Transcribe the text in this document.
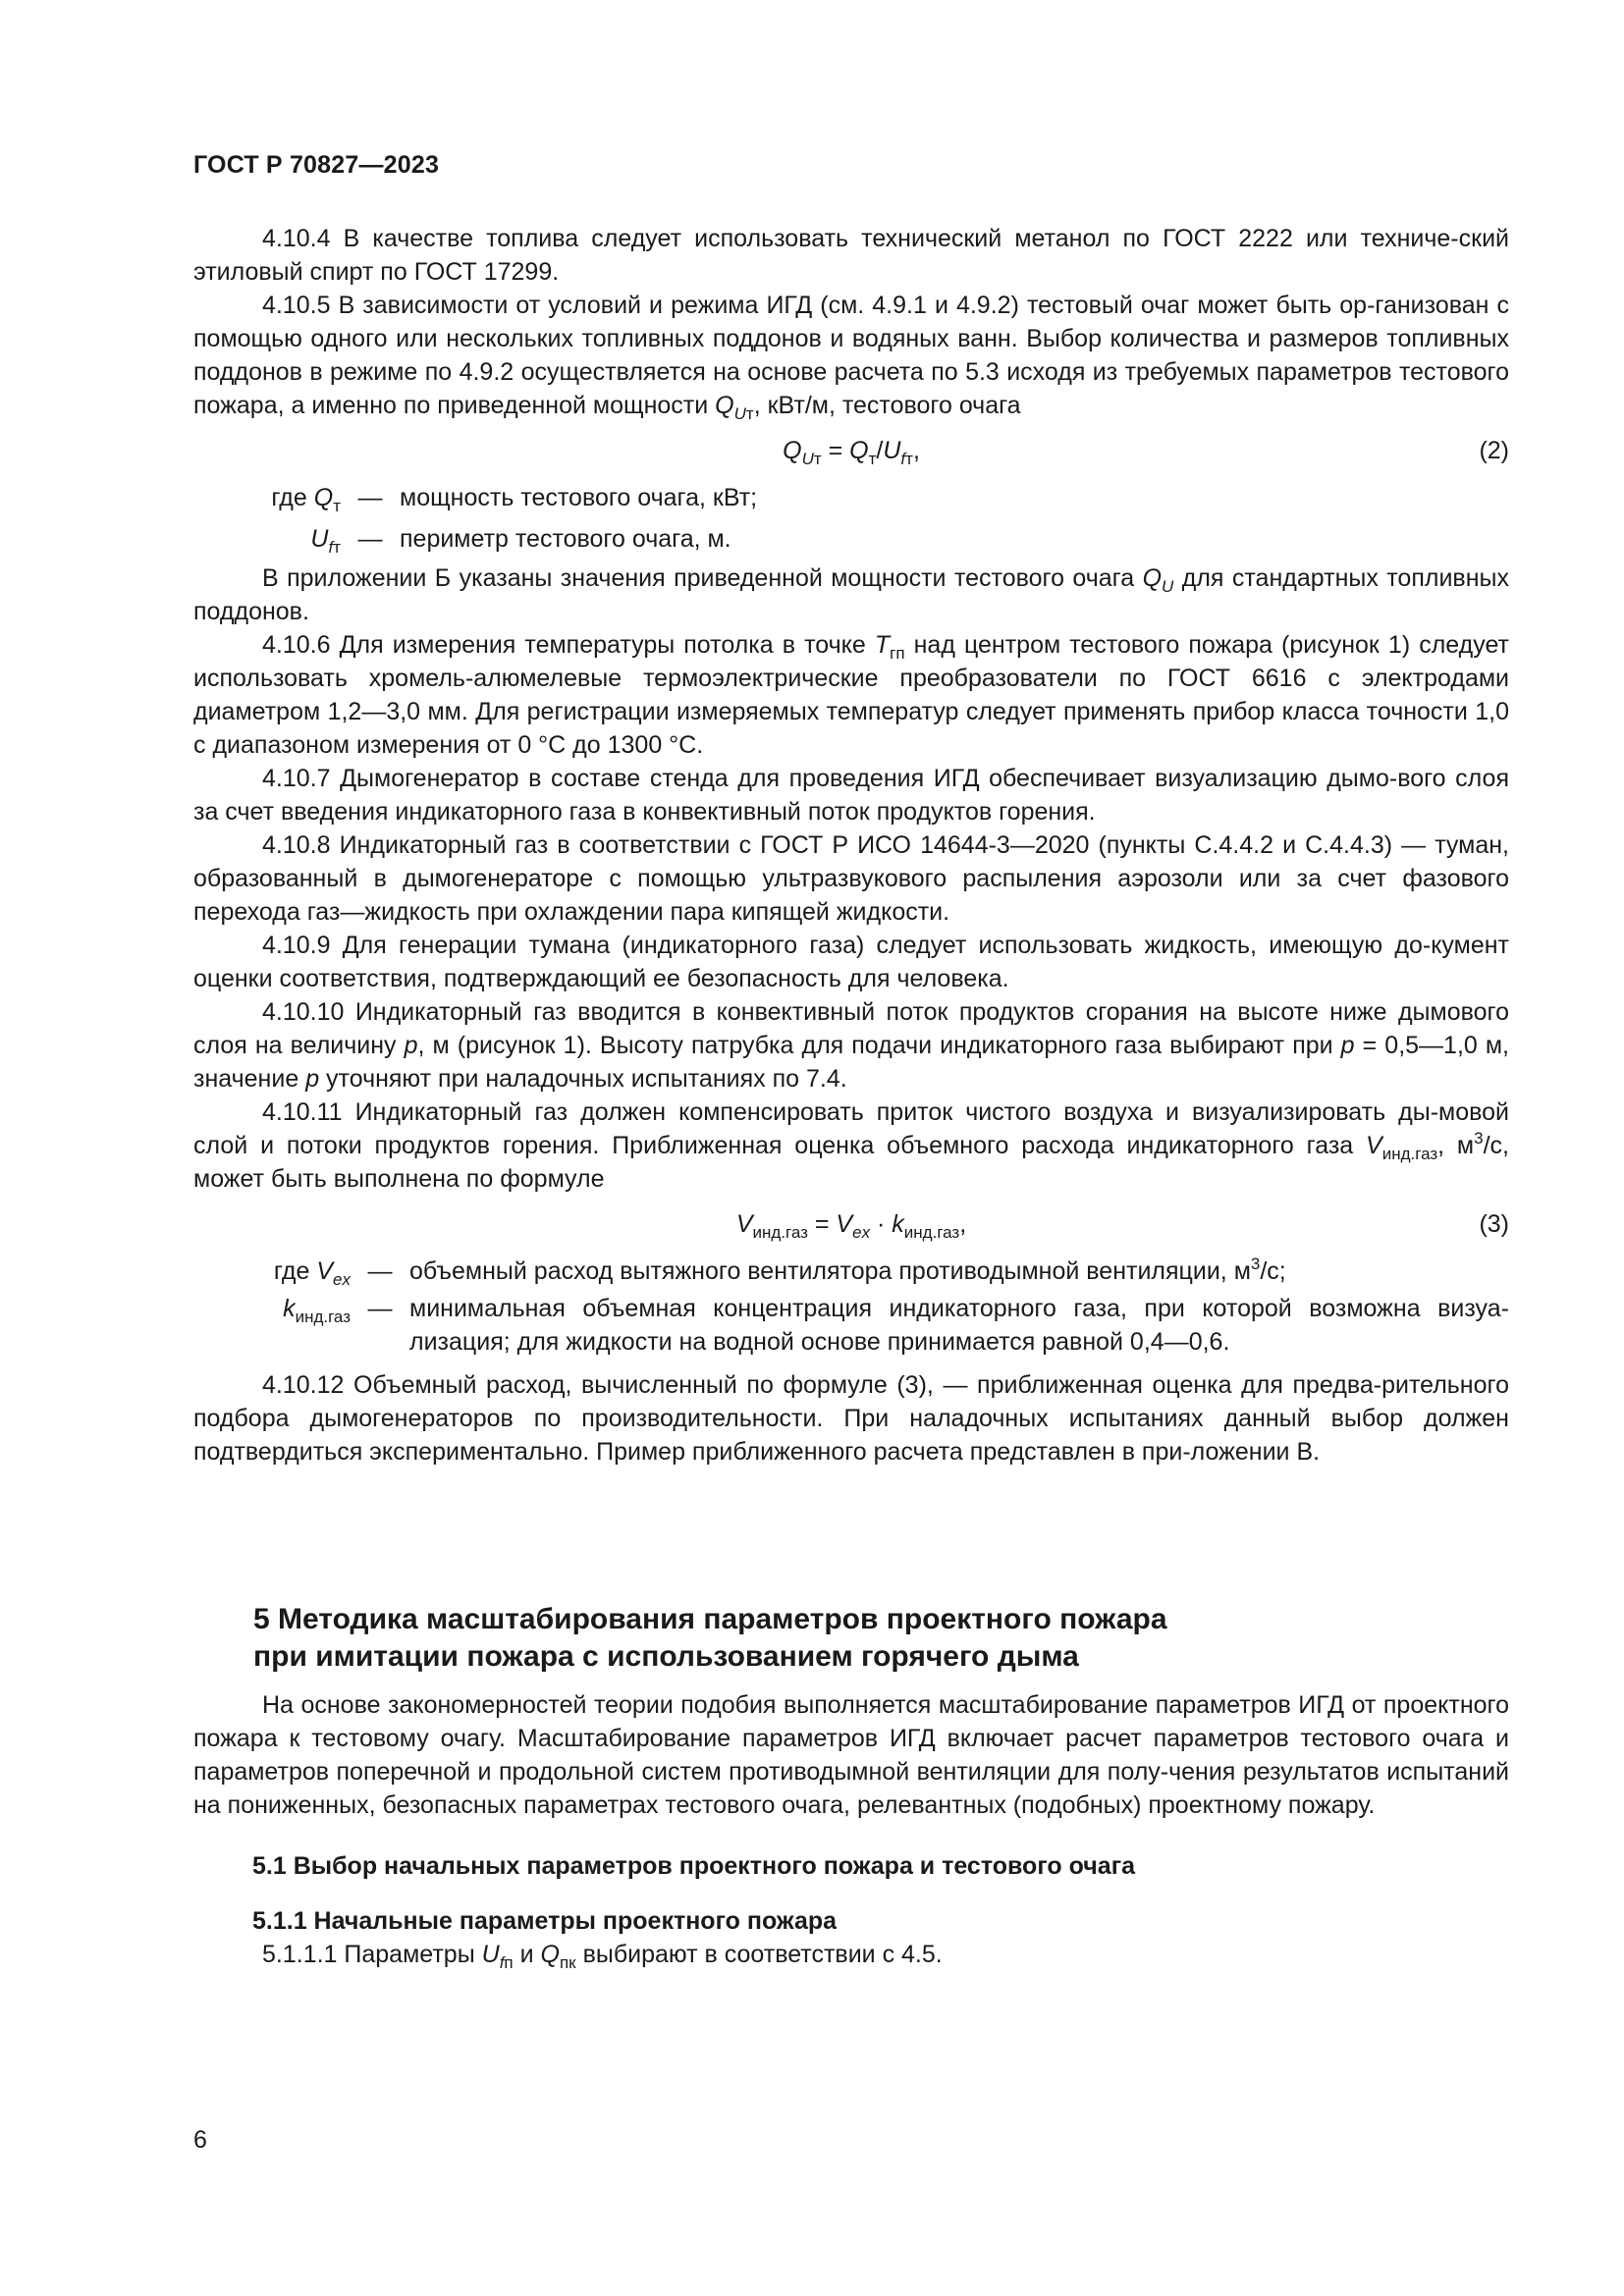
ГОСТ Р 70827—2023

4.10.4 В качестве топлива следует использовать технический метанол по ГОСТ 2222 или техниче-ский этиловый спирт по ГОСТ 17299.

4.10.5 В зависимости от условий и режима ИГД (см. 4.9.1 и 4.9.2) тестовый очаг может быть ор-ганизован с помощью одного или нескольких топливных поддонов и водяных ванн. Выбор количества и размеров топливных поддонов в режиме по 4.9.2 осуществляется на основе расчета по 5.3 исходя из требуемых параметров тестового пожара, а именно по приведенной мощности $Q_{Uт}$, кВт/м, тестового очага

$Q_{Uт} = Q_т/U_{fт}$,	(2)
где $Q_т$ — мощность тестового очага, кВт;
$U_{fт}$ — периметр тестового очага, м.

В приложении Б указаны значения приведенной мощности тестового очага $Q_U$ для стандартных топливных поддонов.

4.10.6 Для измерения температуры потолка в точке $T_{гп}$ над центром тестового пожара (рисунок 1) следует использовать хромель-алюмелевые термоэлектрические преобразователи по ГОСТ 6616 с электродами диаметром 1,2—3,0 мм. Для регистрации измеряемых температур следует применять прибор класса точности 1,0 с диапазоном измерения от 0 °С до 1300 °С.

4.10.7 Дымогенератор в составе стенда для проведения ИГД обеспечивает визуализацию дымо-вого слоя за счет введения индикаторного газа в конвективный поток продуктов горения.

4.10.8 Индикаторный газ в соответствии с ГОСТ Р ИСО 14644-3—2020 (пункты С.4.4.2 и С.4.4.3) — туман, образованный в дымогенераторе с помощью ультразвукового распыления аэрозоли или за счет фазового перехода газ—жидкость при охлаждении пара кипящей жидкости.

4.10.9 Для генерации тумана (индикаторного газа) следует использовать жидкость, имеющую до-кумент оценки соответствия, подтверждающий ее безопасность для человека.

4.10.10 Индикаторный газ вводится в конвективный поток продуктов сгорания на высоте ниже дымового слоя на величину p, м (рисунок 1). Высоту патрубка для подачи индикаторного газа выбирают при p = 0,5—1,0 м, значение p уточняют при наладочных испытаниях по 7.4.

4.10.11 Индикаторный газ должен компенсировать приток чистого воздуха и визуализировать ды-мовой слой и потоки продуктов горения. Приближенная оценка объемного расхода индикаторного газа $V_{инд.газ}$, $м^3/с$, может быть выполнена по формуле

$V_{инд.газ} = V_{ex} \cdot k_{инд.газ}$,	(3)
где $V_{ex}$ — объемный расход вытяжного вентилятора противодымной вентиляции, $м^3/с$;
$k_{инд.газ}$ — минимальная объемная концентрация индикаторного газа, при которой возможна визуа-лизация; для жидкости на водной основе принимается равной 0,4—0,6.

4.10.12 Объемный расход, вычисленный по формуле (3), — приближенная оценка для предва-рительного подбора дымогенераторов по производительности. При наладочных испытаниях данный выбор должен подтвердиться экспериментально. Пример приближенного расчета представлен в при-ложении В.

5 Методика масштабирования параметров проектного пожара
при имитации пожара с использованием горячего дыма

На основе закономерностей теории подобия выполняется масштабирование параметров ИГД от проектного пожара к тестовому очагу. Масштабирование параметров ИГД включает расчет параметров тестового очага и параметров поперечной и продольной систем противодымной вентиляции для полу-чения результатов испытаний на пониженных, безопасных параметрах тестового очага, релевантных (подобных) проектному пожару.

5.1 Выбор начальных параметров проектного пожара и тестового очага

5.1.1 Начальные параметры проектного пожара

5.1.1.1 Параметры $U_{fп}$ и $Q_{пк}$ выбирают в соответствии с 4.5.

6
